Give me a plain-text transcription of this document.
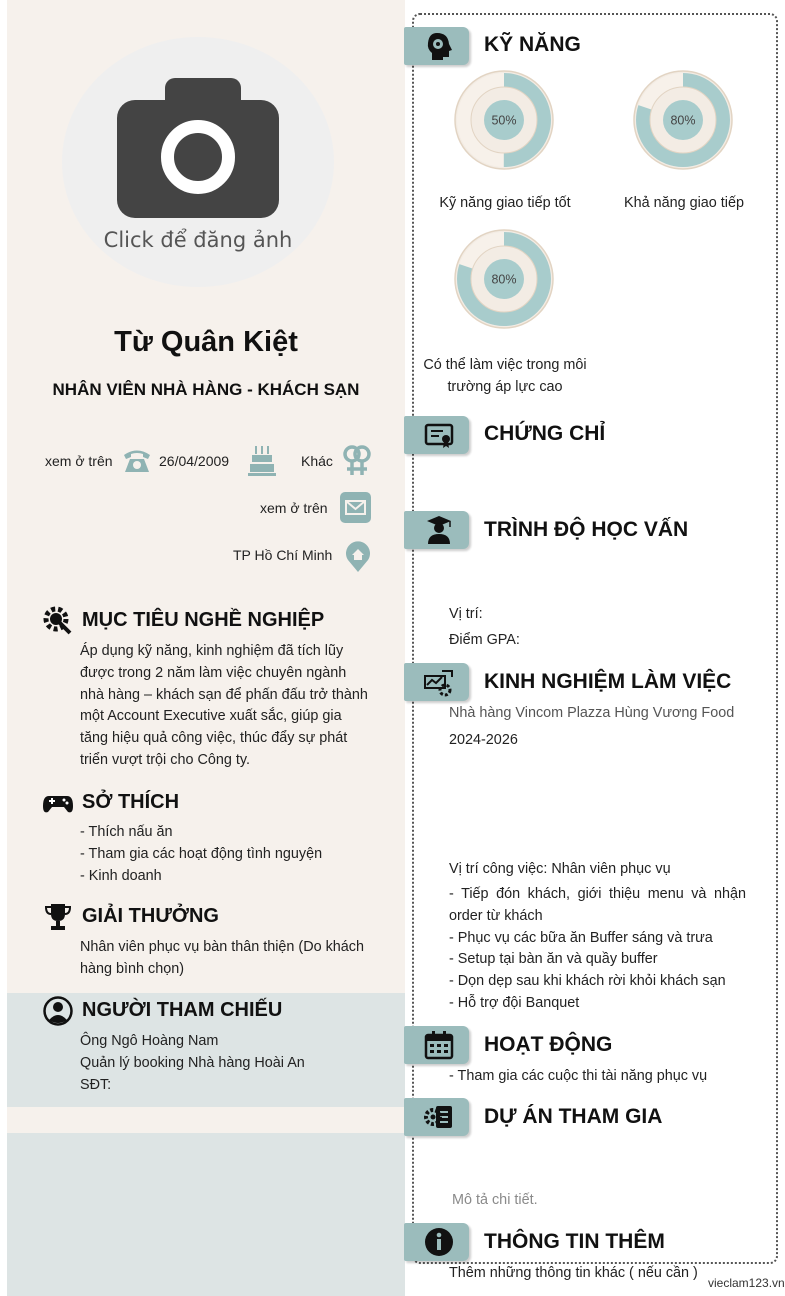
Click để đăng ảnh
Từ Quân Kiệt
NHÂN VIÊN NHÀ HÀNG - KHÁCH SẠN
xem ở trên	26/04/2009	Khác
xem ở trên
TP Hồ Chí Minh
MỤC TIÊU NGHỀ NGHIỆP
Áp dụng kỹ năng, kinh nghiệm đã tích lũy
được trong 2 năm làm việc chuyên ngành
nhà hàng – khách sạn để phấn đấu trở thành
một Account Executive xuất sắc, giúp gia
tăng hiệu quả công việc, thúc đẩy sự phát
triển vượt trội cho Công ty.
SỞ THÍCH
- Thích nấu ăn
- Tham gia các hoạt động tình nguyện
- Kinh doanh
GIẢI THƯỞNG
Nhân viên phục vụ bàn thân thiện (Do khách
hàng bình chọn)
NGƯỜI THAM CHIẾU
Ông Ngô Hoàng Nam
Quản lý booking Nhà hàng Hoài An
SĐT:
KỸ NĂNG
50%
Kỹ năng giao tiếp tốt
80%
Khả năng giao tiếp
80%
Có thể làm việc trong môi
trường áp lực cao
CHỨNG CHỈ
TRÌNH ĐỘ HỌC VẤN
Vị trí:
Điểm GPA:
KINH NGHIỆM LÀM VIỆC
Nhà hàng Vincom Plazza Hùng Vương Food
2024-2026
Vị trí công việc: Nhân viên phục vụ
- Tiếp đón khách, giới thiệu menu và nhận
order từ khách
- Phục vụ các bữa ăn Buffer sáng và trưa
- Setup tại bàn ăn và quầy buffer
- Dọn dẹp sau khi khách rời khỏi khách sạn
- Hỗ trợ đội Banquet
HOẠT ĐỘNG
- Tham gia các cuộc thi tài năng phục vụ
DỰ ÁN THAM GIA
Mô tả chi tiết.
THÔNG TIN THÊM
Thêm những thông tin khác ( nếu cần )
vieclam123.vn
